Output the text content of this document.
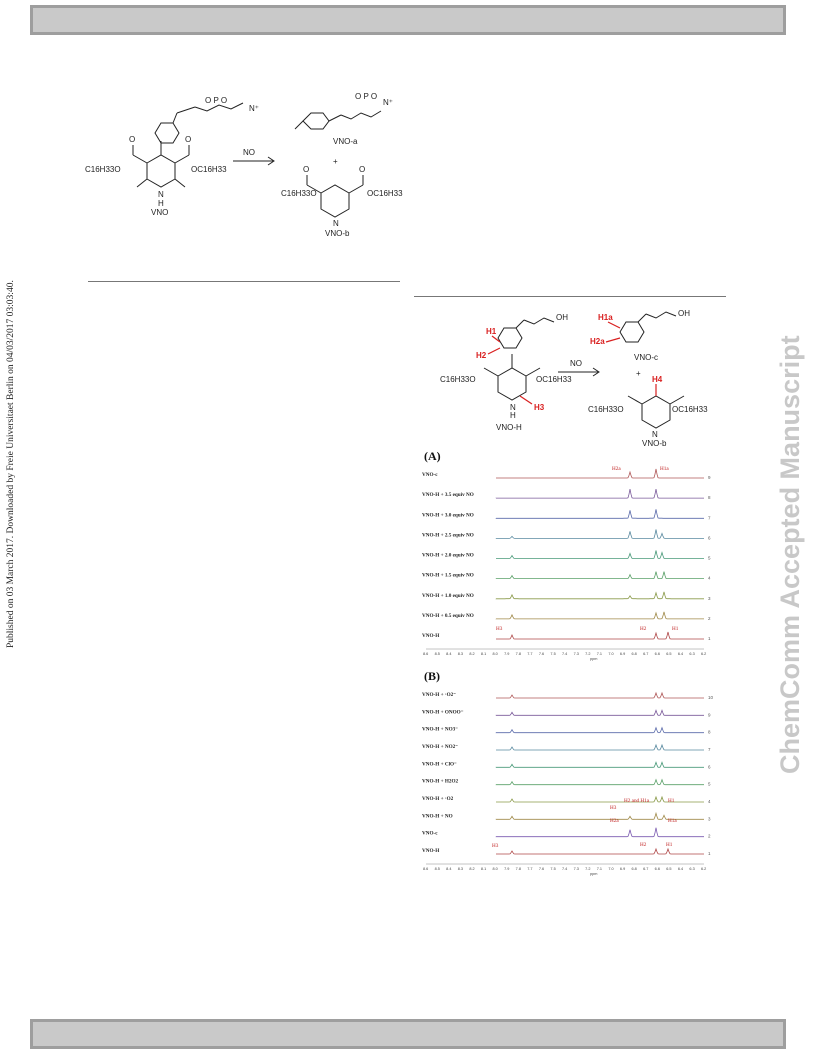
Published on 03 March 2017. Downloaded by Freie Universitaet Berlin on 04/03/2017 03:03:40.	ChemComm Accepted Manuscript
O P O
N⁺
N⁺
O P O
O	O
N
H
N
O	O
C16H33O	OC16H33
C16H33O	OC16H33
NO
VNO
VNO-a
+
VNO-b
OH	OH
C16H33O	OC16H33
C16H33O	OC16H33
N
H
N
NO
VNO-H
VNO-c
+
VNO-b
H1
H2
H3
H1a
H2a
H4
(A)
VNO-c	9
VNO-H + 3.5 equiv NO	8
VNO-H + 3.0 equiv NO	7
VNO-H + 2.5 equiv NO	6
VNO-H + 2.0 equiv NO	5
VNO-H + 1.5 equiv NO	4
VNO-H + 1.0 equiv NO	3
VNO-H + 0.5 equiv NO	2
VNO-H	1
8.6 8.5 8.4 8.3 8.2 8.1 8.0 7.9 7.8 7.7 7.6 7.5 7.4 7.3 7.2 7.1 7.0 6.9 6.8 6.7 6.6 6.5 6.4 6.3 6.2
ppm
H2a	H1a
H3	H2	H1
(B)
VNO-H + ·O2⁻	10
VNO-H + ONOO⁻	9
VNO-H + NO3⁻	8
VNO-H + NO2⁻	7
VNO-H + ClO⁻	6
VNO-H + H2O2	5
VNO-H + ·O2	4
VNO-H + NO	3
VNO-c	2
VNO-H	1
8.6 8.5 8.4 8.3 8.2 8.1 8.0 7.9 7.8 7.7 7.6 7.5 7.4 7.3 7.2 7.1 7.0 6.9 6.8 6.7 6.6 6.5 6.4 6.3 6.2
ppm
H3
H2 and H1a	H1
H2a	H1a
H3	H2	H1
